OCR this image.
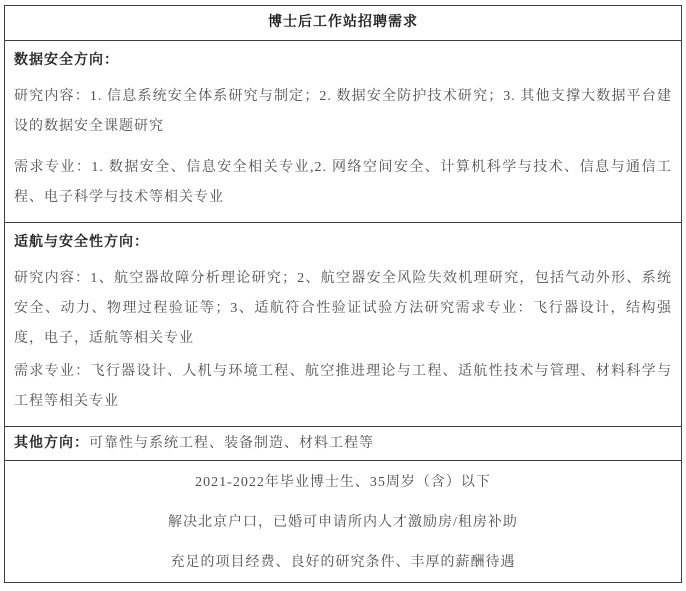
博士后工作站招聘需求
数据安全方向：

研究内容：1. 信息系统安全体系研究与制定；2. 数据安全防护技术研究；3. 其他支撑大数据平台建设的数据安全课题研究

需求专业：1. 数据安全、信息安全相关专业,2. 网络空间安全、计算机科学与技术、信息与通信工程、电子科学与技术等相关专业

适航与安全性方向：

研究内容：1、航空器故障分析理论研究；2、航空器安全风险失效机理研究，包括气动外形、系统安全、动力、物理过程验证等；3、适航符合性验证试验方法研究需求专业：飞行器设计，结构强度，电子，适航等相关专业

需求专业：飞行器设计、人机与环境工程、航空推进理论与工程、适航性技术与管理、材料科学与工程等相关专业

其他方向：可靠性与系统工程、装备制造、材料工程等

2021-2022年毕业博士生、35周岁（含）以下

解决北京户口，已婚可申请所内人才激励房/租房补助

充足的项目经费、良好的研究条件、丰厚的薪酬待遇
